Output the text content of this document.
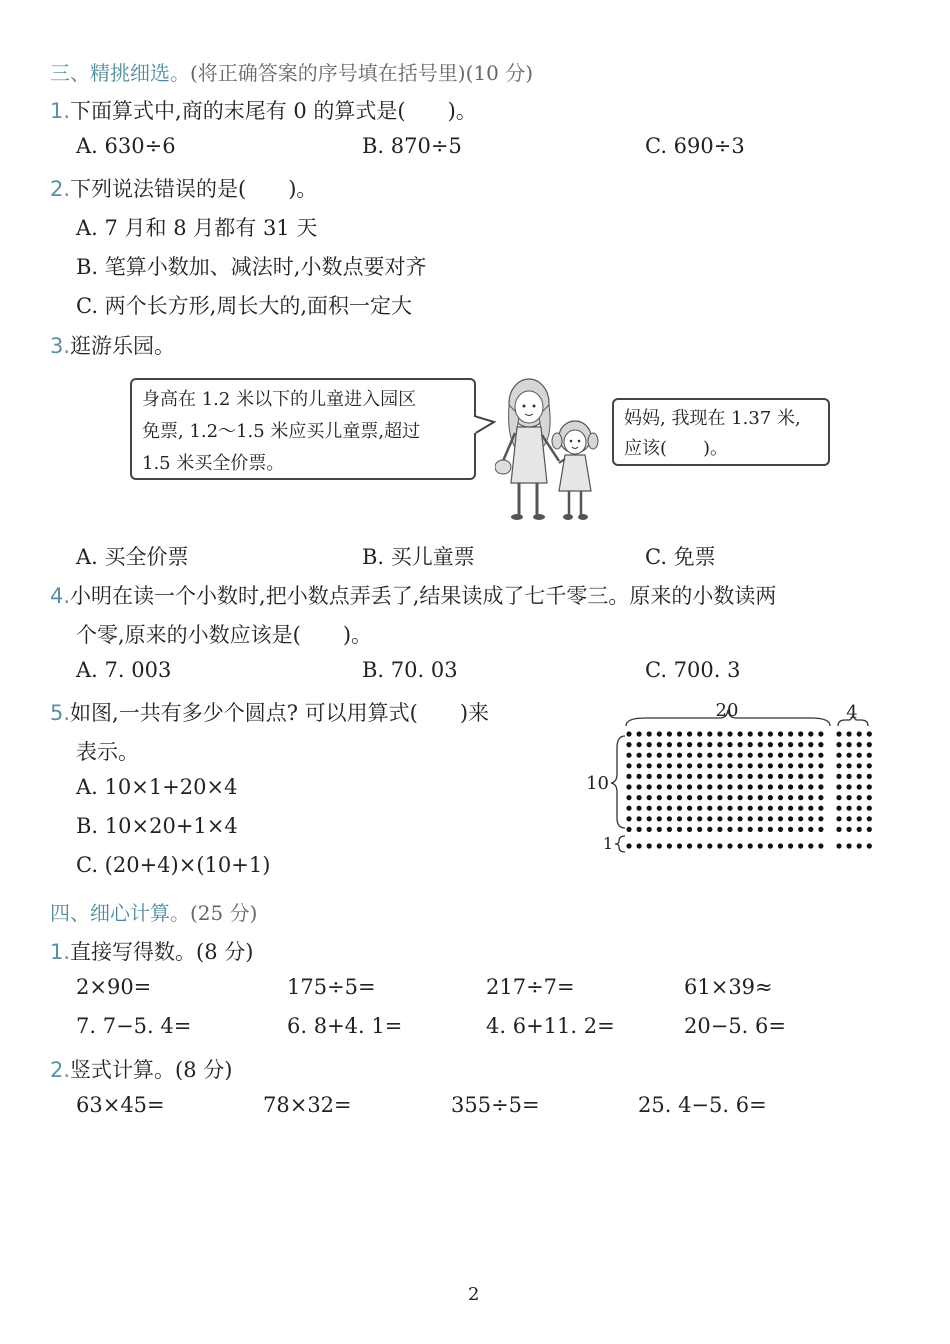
三、精挑细选。(将正确答案的序号填在括号里)(10 分)
1.下面算式中,商的末尾有 0 的算式是(　　)。
A. 630÷6	B. 870÷5	C. 690÷3
2.下列说法错误的是(　　)。
A. 7 月和 8 月都有 31 天
B. 笔算小数加、减法时,小数点要对齐
C. 两个长方形,周长大的,面积一定大
3.逛游乐园。
身高在 1.2 米以下的儿童进入园区
免票, 1.2～1.5 米应买儿童票,超过
1.5 米买全价票。
妈妈, 我现在 1.37 米,
应该(　　)。
A. 买全价票	B. 买儿童票	C. 免票
4.小明在读一个小数时,把小数点弄丢了,结果读成了七千零三。原来的小数读两
个零,原来的小数应该是(　　)。
A. 7. 003	B. 70. 03	C. 700. 3
5.如图,一共有多少个圆点? 可以用算式(　　)来
表示。
A. 10×1+20×4
B. 10×20+1×4
C. (20+4)×(10+1)
20	4
10
1
四、细心计算。(25 分)
1.直接写得数。(8 分)
2×90=	175÷5=	217÷7=	61×39≈
7. 7−5. 4=	6. 8+4. 1=	4. 6+11. 2=	20−5. 6=
2.竖式计算。(8 分)
63×45=	78×32=	355÷5=	25. 4−5. 6=
2
